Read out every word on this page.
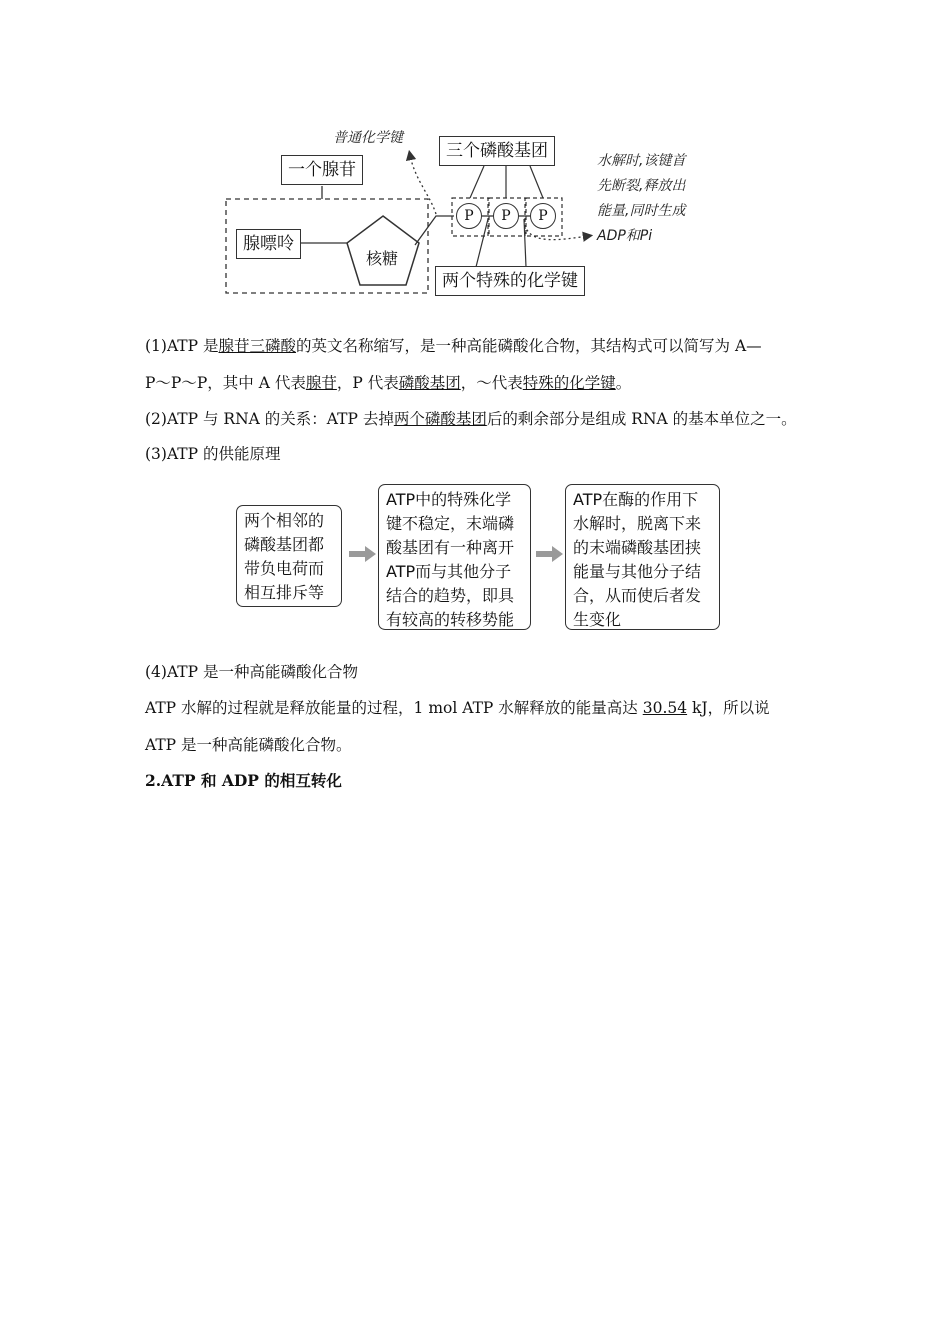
P	P	P
一个腺苷
腺嘌呤
核糖
三个磷酸基团
两个特殊的化学键
普通化学键
水解时,该键首
先断裂,释放出
能量,同时生成
ADP和Pi

(1)ATP 是腺苷三磷酸的英文名称缩写，是一种高能磷酸化合物，其结构式可以简写为 A—

P～P～P，其中 A 代表腺苷，P 代表磷酸基团，～代表特殊的化学键。

(2)ATP 与 RNA 的关系：ATP 去掉两个磷酸基团后的剩余部分是组成 RNA 的基本单位之一。

(3)ATP 的供能原理

两个相邻的
磷酸基团都
带负电荷而
相互排斥等
ATP中的特殊化学
键不稳定，末端磷
酸基团有一种离开
ATP而与其他分子
结合的趋势，即具
有较高的转移势能
ATP在酶的作用下
水解时，脱离下来
的末端磷酸基团挟
能量与其他分子结
合，从而使后者发
生变化

(4)ATP 是一种高能磷酸化合物

ATP 水解的过程就是释放能量的过程，1 mol ATP 水解释放的能量高达 30.54 kJ，所以说

ATP 是一种高能磷酸化合物。

2.ATP 和 ADP 的相互转化
